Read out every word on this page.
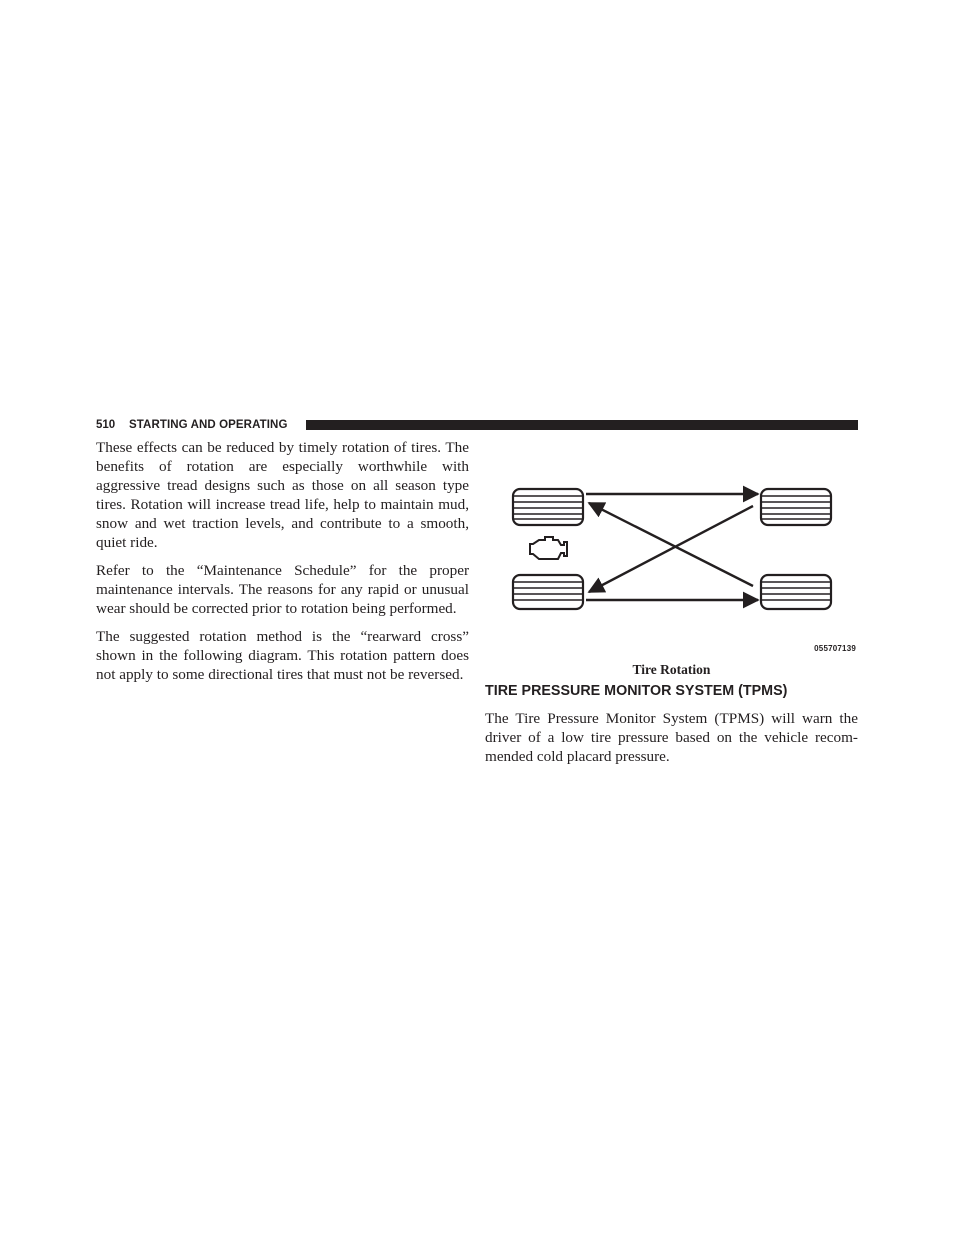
510 STARTING AND OPERATING

These effects can be reduced by timely rotation of tires. The benefits of rotation are especially worthwhile with aggressive tread designs such as those on all season type tires. Rotation will increase tread life, help to maintain mud, snow and wet traction levels, and contribute to a smooth, quiet ride.

Refer to the “Maintenance Schedule” for the proper maintenance intervals. The reasons for any rapid or unusual wear should be corrected prior to rotation being performed.

The suggested rotation method is the “rearward cross” shown in the following diagram. This rotation pattern does not apply to some directional tires that must not be reversed.

055707139
Tire Rotation
TIRE PRESSURE MONITOR SYSTEM (TPMS)

The Tire Pressure Monitor System (TPMS) will warn the driver of a low tire pressure based on the vehicle recom-mended cold placard pressure.
